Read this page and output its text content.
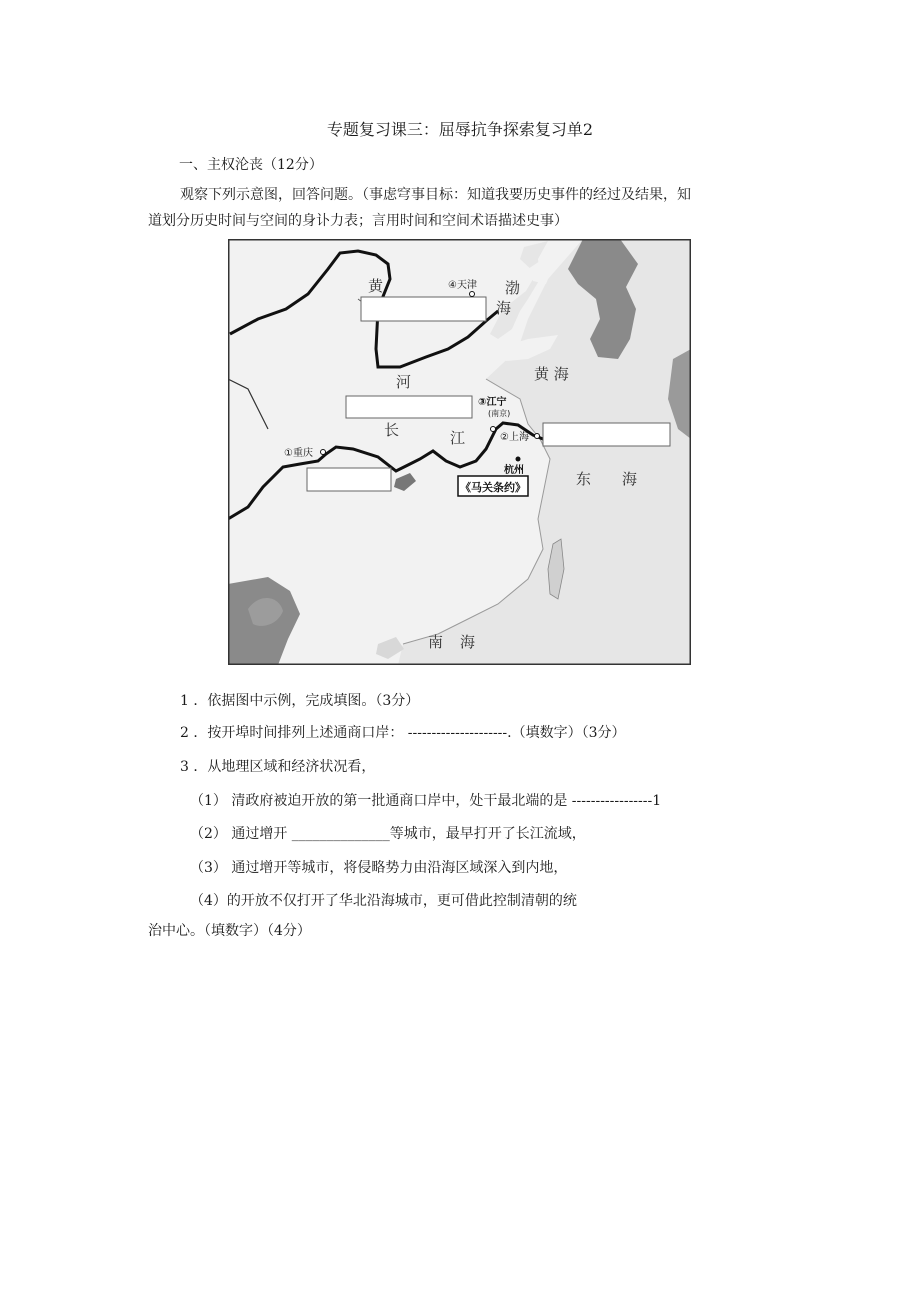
专题复习课三：屈辱抗争探索复习单2
一、主权沦丧（12分）
观察下列示意图，回答问题。（事虑穹事目标：知道我要历史事件的经过及结果，知
道划分历史时间与空间的身讣力表；言用时间和空间术语描述史事）
《马关条约》
④天津
③江宁
(南京)
②上海
①重庆
杭州
黄
海
渤
黄 海
东 海
南 海
河
长	江
1 ．依据图中示例，完成填图。（3分）
2 ．按开埠时间排列上述通商口岸： ---------------------.（填数字）（3分）
3 ．从地理区域和经济状况看，
（1） 清政府被迫开放的第一批通商口岸中，处干最北端的是 -----------------1
（2） 通过增开 ______________等城市，最早打开了长江流域，
（3） 通过增开等城市，将侵略势力由沿海区域深入到内地，
（4）的开放不仅打开了华北沿海城市，更可借此控制清朝的统
治中心。（填数字）（4分）
